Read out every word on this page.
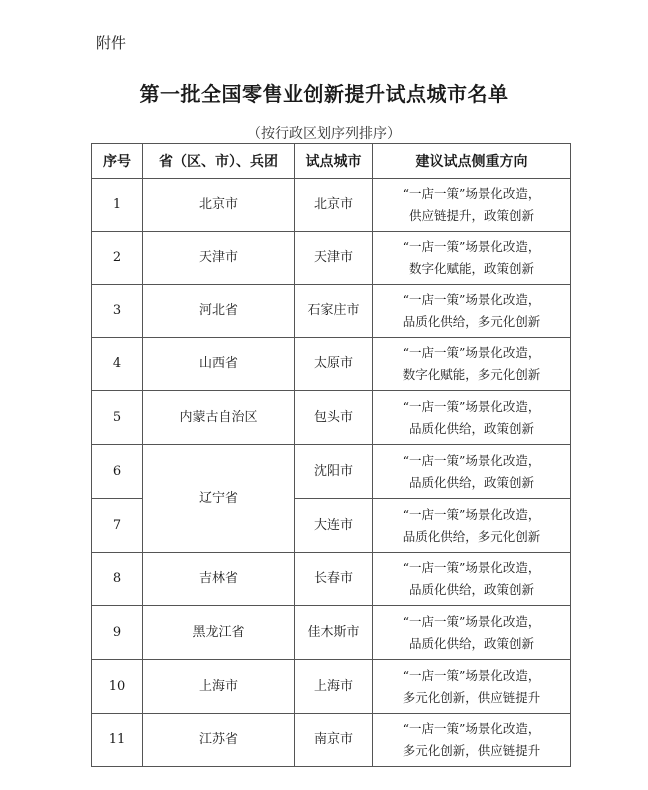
附件
第一批全国零售业创新提升试点城市名单
（按行政区划序列排序）
序号	省（区、市）、兵团	试点城市	建议试点侧重方向
1	北京市	北京市	“一店一策”场景化改造，
供应链提升，政策创新

2	天津市	天津市	“一店一策”场景化改造，
数字化赋能，政策创新

3	河北省	石家庄市	“一店一策”场景化改造，
品质化供给，多元化创新

4	山西省	太原市	“一店一策”场景化改造，
数字化赋能，多元化创新

5	内蒙古自治区	包头市	“一店一策”场景化改造，
品质化供给，政策创新

6	辽宁省	沈阳市	“一店一策”场景化改造，
品质化供给，政策创新

7		大连市	“一店一策”场景化改造，
品质化供给，多元化创新

8	吉林省	长春市	“一店一策”场景化改造，
品质化供给，政策创新

9	黑龙江省	佳木斯市	“一店一策”场景化改造，
品质化供给，政策创新

10	上海市	上海市	“一店一策”场景化改造，
多元化创新，供应链提升

11	江苏省	南京市	“一店一策”场景化改造，
多元化创新，供应链提升
